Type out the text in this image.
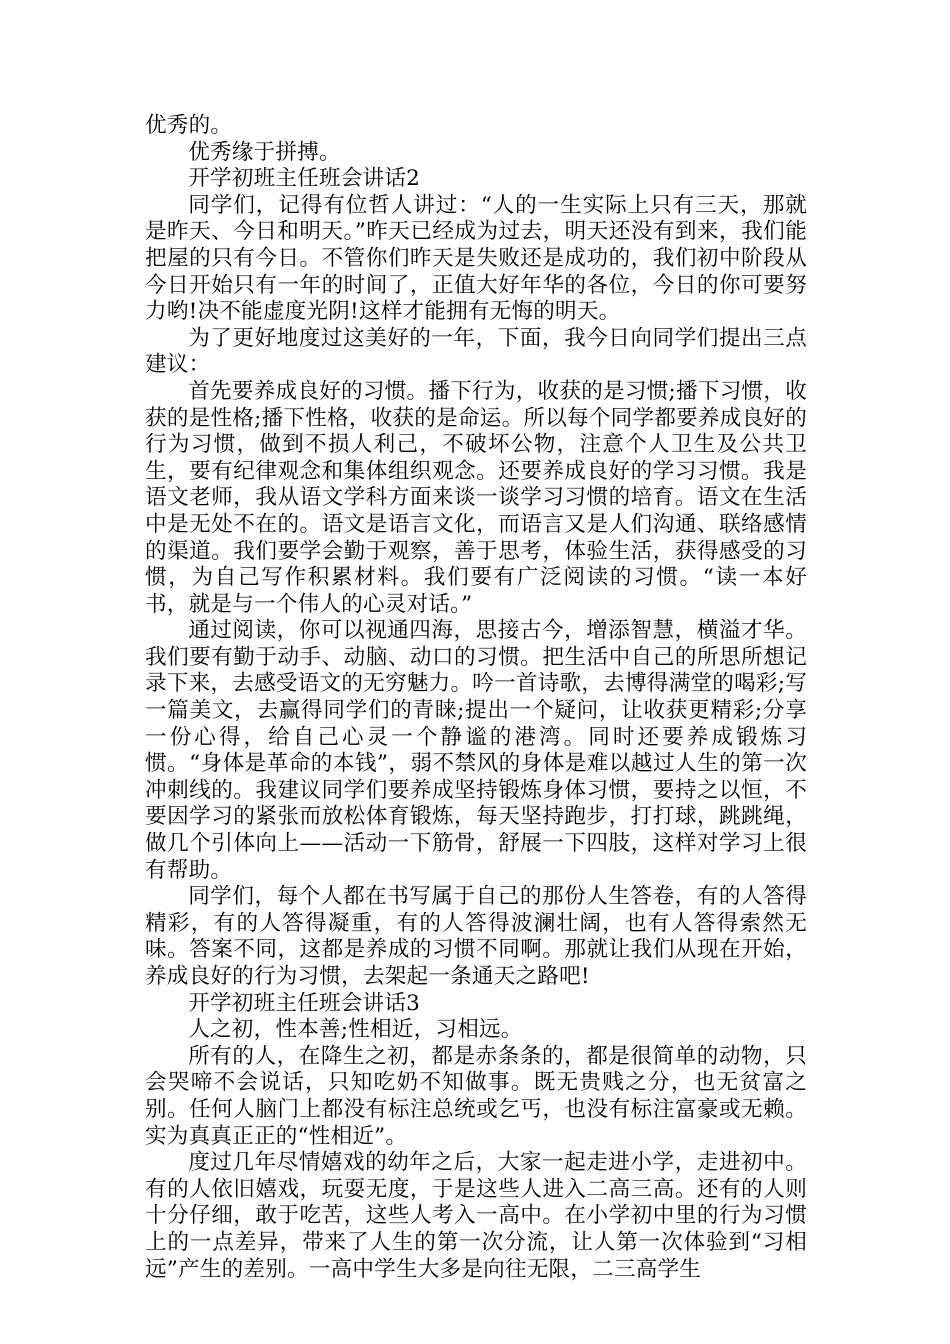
优秀的。

优秀缘于拼搏。

开学初班主任班会讲话2

同学们，记得有位哲人讲过：“人的一生实际上只有三天，那就是昨天、今日和明天。”昨天已经成为过去，明天还没有到来，我们能把屋的只有今日。不管你们昨天是失败还是成功的，我们初中阶段从今日开始只有一年的时间了，正值大好年华的各位，今日的你可要努力哟!决不能虚度光阴!这样才能拥有无悔的明天。

为了更好地度过这美好的一年，下面，我今日向同学们提出三点建议：

首先要养成良好的习惯。播下行为，收获的是习惯;播下习惯，收获的是性格;播下性格，收获的是命运。所以每个同学都要养成良好的行为习惯，做到不损人利己，不破坏公物，注意个人卫生及公共卫生，要有纪律观念和集体组织观念。还要养成良好的学习习惯。我是语文老师，我从语文学科方面来谈一谈学习习惯的培育。语文在生活中是无处不在的。语文是语言文化，而语言又是人们沟通、联络感情的渠道。我们要学会勤于观察，善于思考，体验生活，获得感受的习惯，为自己写作积累材料。我们要有广泛阅读的习惯。“读一本好书，就是与一个伟人的心灵对话。”

通过阅读，你可以视通四海，思接古今，增添智慧，横溢才华。我们要有勤于动手、动脑、动口的习惯。把生活中自己的所思所想记录下来，去感受语文的无穷魅力。吟一首诗歌，去博得满堂的喝彩;写一篇美文，去赢得同学们的青睐;提出一个疑问，让收获更精彩;分享一份心得，给自己心灵一个静谧的港湾。同时还要养成锻炼习惯。“身体是革命的本钱”，弱不禁风的身体是难以越过人生的第一次冲刺线的。我建议同学们要养成坚持锻炼身体习惯，要持之以恒，不要因学习的紧张而放松体育锻炼，每天坚持跑步，打打球，跳跳绳，做几个引体向上——活动一下筋骨，舒展一下四肢，这样对学习上很有帮助。

同学们，每个人都在书写属于自己的那份人生答卷，有的人答得精彩，有的人答得凝重，有的人答得波澜壮阔，也有人答得索然无味。答案不同，这都是养成的习惯不同啊。那就让我们从现在开始，养成良好的行为习惯，去架起一条通天之路吧!

开学初班主任班会讲话3

人之初，性本善;性相近，习相远。

所有的人，在降生之初，都是赤条条的，都是很简单的动物，只会哭啼不会说话，只知吃奶不知做事。既无贵贱之分，也无贫富之别。任何人脑门上都没有标注总统或乞丐，也没有标注富豪或无赖。实为真真正正的“性相近”。

度过几年尽情嬉戏的幼年之后，大家一起走进小学，走进初中。有的人依旧嬉戏，玩耍无度，于是这些人进入二高三高。还有的人则十分仔细，敢于吃苦，这些人考入一高中。在小学初中里的行为习惯上的一点差异，带来了人生的第一次分流，让人第一次体验到“习相远”产生的差别。一高中学生大多是向往无限，二三高学生
